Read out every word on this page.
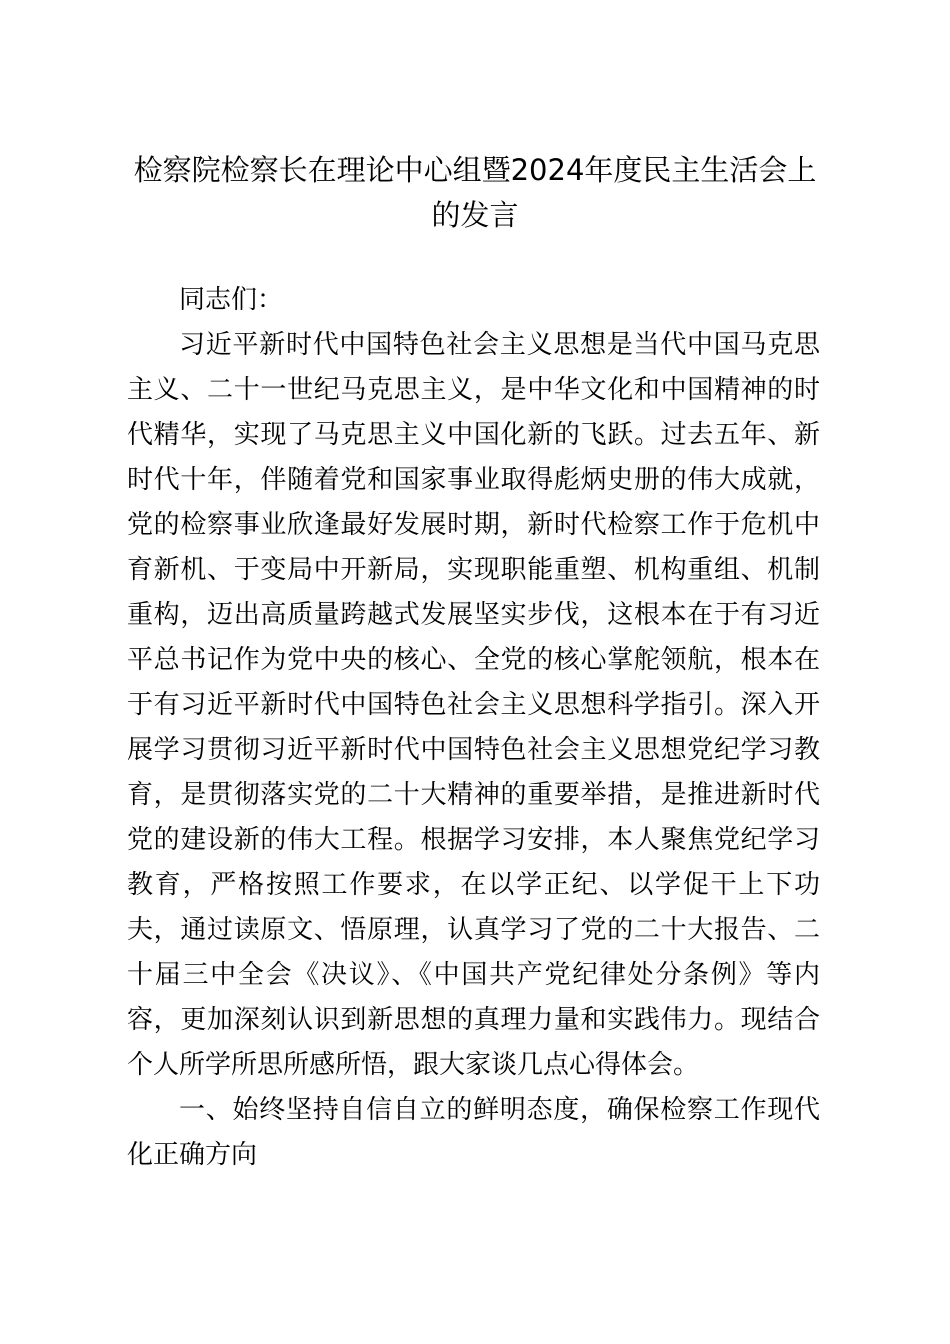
检察院检察长在理论中心组暨2024年度民主生活会上的发言

同志们：

习近平新时代中国特色社会主义思想是当代中国马克思主义、二十一世纪马克思主义，是中华文化和中国精神的时代精华，实现了马克思主义中国化新的飞跃。过去五年、新时代十年，伴随着党和国家事业取得彪炳史册的伟大成就，党的检察事业欣逢最好发展时期，新时代检察工作于危机中育新机、于变局中开新局，实现职能重塑、机构重组、机制重构，迈出高质量跨越式发展坚实步伐，这根本在于有习近平总书记作为党中央的核心、全党的核心掌舵领航，根本在于有习近平新时代中国特色社会主义思想科学指引。深入开展学习贯彻习近平新时代中国特色社会主义思想党纪学习教育，是贯彻落实党的二十大精神的重要举措，是推进新时代党的建设新的伟大工程。根据学习安排，本人聚焦党纪学习教育，严格按照工作要求，在以学正纪、以学促干上下功夫，通过读原文、悟原理，认真学习了党的二十大报告、二十届三中全会《决议》、《中国共产党纪律处分条例》等内容，更加深刻认识到新思想的真理力量和实践伟力。现结合个人所学所思所感所悟，跟大家谈几点心得体会。

一、始终坚持自信自立的鲜明态度，确保检察工作现代化正确方向
